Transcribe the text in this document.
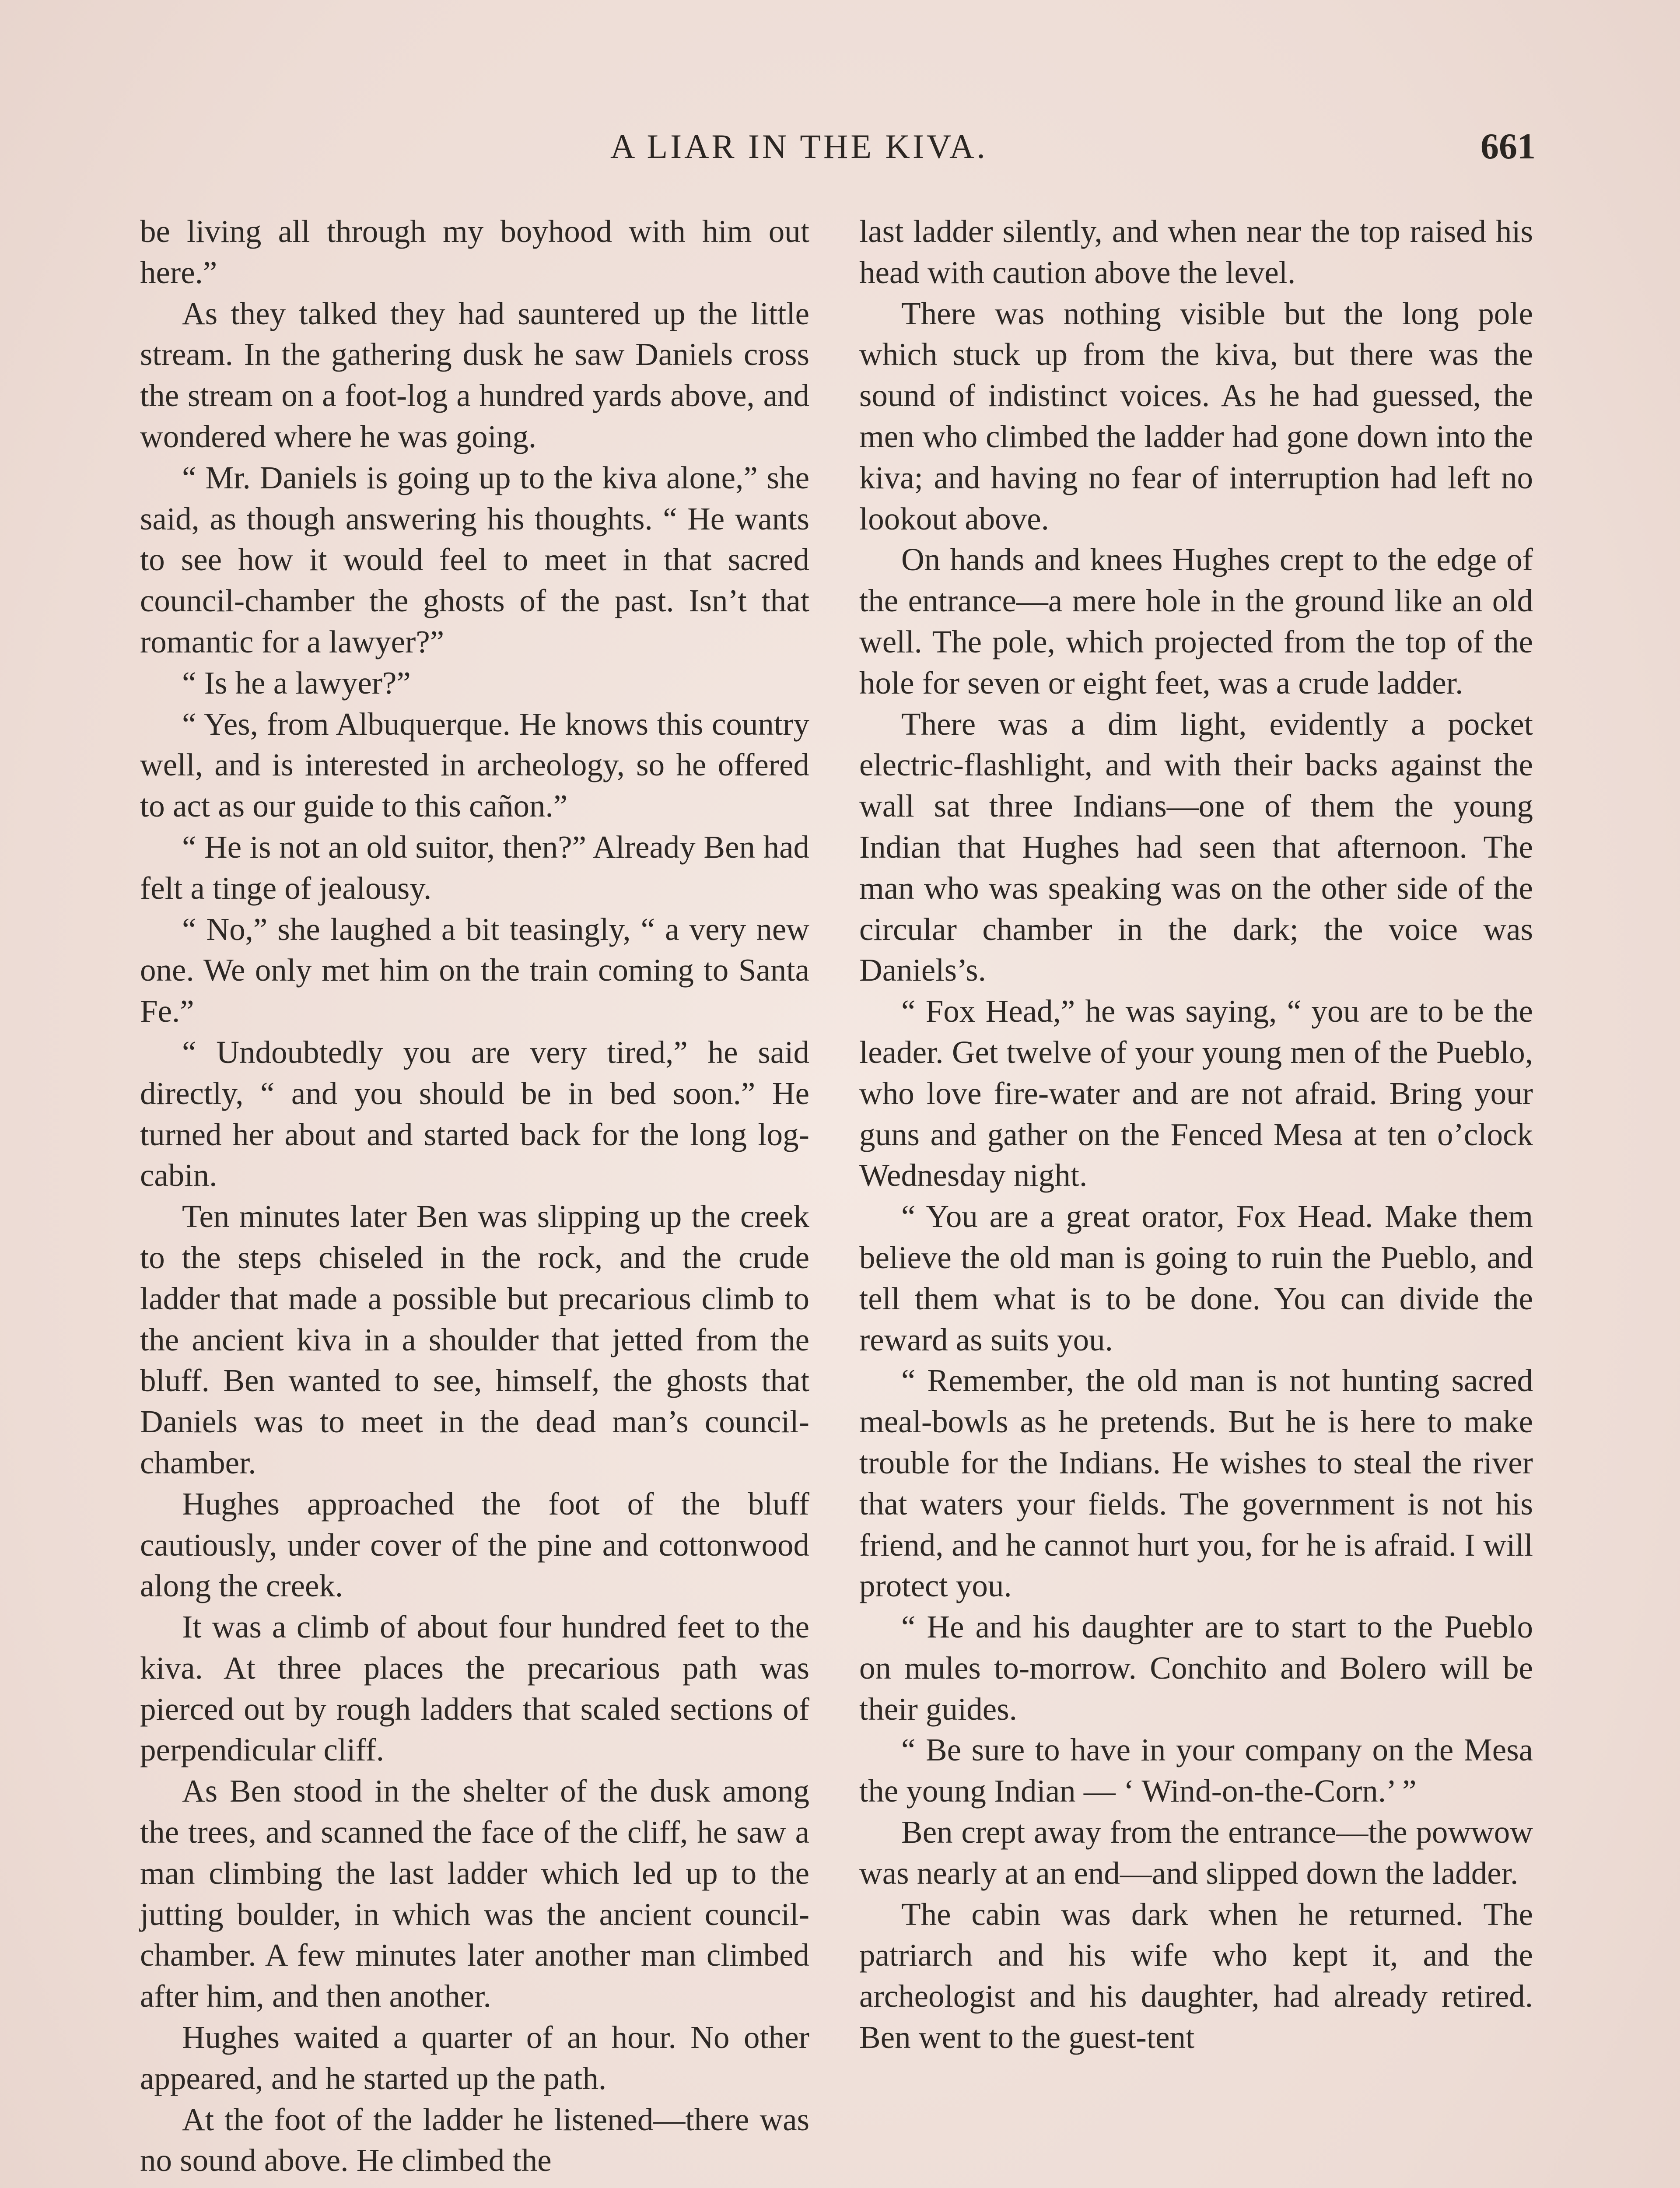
A LIAR IN THE KIVA.	661

be living all through my boyhood with him out here.”

As they talked they had sauntered up the little stream. In the gathering dusk he saw Daniels cross the stream on a foot-log a hundred yards above, and wondered where he was going.

“ Mr. Daniels is going up to the kiva alone,” she said, as though answering his thoughts. “ He wants to see how it would feel to meet in that sacred council-chamber the ghosts of the past. Isn’t that romantic for a lawyer?”

“ Is he a lawyer?”

“ Yes, from Albuquerque. He knows this country well, and is interested in archeology, so he offered to act as our guide to this cañon.”

“ He is not an old suitor, then?” Already Ben had felt a tinge of jealousy.

“ No,” she laughed a bit teasingly, “ a very new one. We only met him on the train coming to Santa Fe.”

“ Undoubtedly you are very tired,” he said directly, “ and you should be in bed soon.” He turned her about and started back for the long log-cabin.

Ten minutes later Ben was slipping up the creek to the steps chiseled in the rock, and the crude ladder that made a possible but precarious climb to the ancient kiva in a shoulder that jetted from the bluff. Ben wanted to see, himself, the ghosts that Daniels was to meet in the dead man’s council-chamber.

Hughes approached the foot of the bluff cautiously, under cover of the pine and cottonwood along the creek.

It was a climb of about four hundred feet to the kiva. At three places the precarious path was pierced out by rough ladders that scaled sections of perpendicular cliff.

As Ben stood in the shelter of the dusk among the trees, and scanned the face of the cliff, he saw a man climbing the last ladder which led up to the jutting boulder, in which was the ancient council-chamber. A few minutes later another man climbed after him, and then another.

Hughes waited a quarter of an hour. No other appeared, and he started up the path.

At the foot of the ladder he listened—there was no sound above. He climbed the

last ladder silently, and when near the top raised his head with caution above the level.

There was nothing visible but the long pole which stuck up from the kiva, but there was the sound of indistinct voices. As he had guessed, the men who climbed the ladder had gone down into the kiva; and having no fear of interruption had left no lookout above.

On hands and knees Hughes crept to the edge of the entrance—a mere hole in the ground like an old well. The pole, which projected from the top of the hole for seven or eight feet, was a crude ladder.

There was a dim light, evidently a pocket electric-flashlight, and with their backs against the wall sat three Indians—one of them the young Indian that Hughes had seen that afternoon. The man who was speaking was on the other side of the circular chamber in the dark; the voice was Daniels’s.

“ Fox Head,” he was saying, “ you are to be the leader. Get twelve of your young men of the Pueblo, who love fire-water and are not afraid. Bring your guns and gather on the Fenced Mesa at ten o’clock Wednesday night.

“ You are a great orator, Fox Head. Make them believe the old man is going to ruin the Pueblo, and tell them what is to be done. You can divide the reward as suits you.

“ Remember, the old man is not hunting sacred meal-bowls as he pretends. But he is here to make trouble for the Indians. He wishes to steal the river that waters your fields. The government is not his friend, and he cannot hurt you, for he is afraid. I will protect you.

“ He and his daughter are to start to the Pueblo on mules to-morrow. Conchito and Bolero will be their guides.

“ Be sure to have in your company on the Mesa the young Indian — ‘ Wind-on-the-Corn.’ ”

Ben crept away from the entrance—the powwow was nearly at an end—and slipped down the ladder.

The cabin was dark when he returned. The patriarch and his wife who kept it, and the archeologist and his daughter, had already retired. Ben went to the guest-tent
